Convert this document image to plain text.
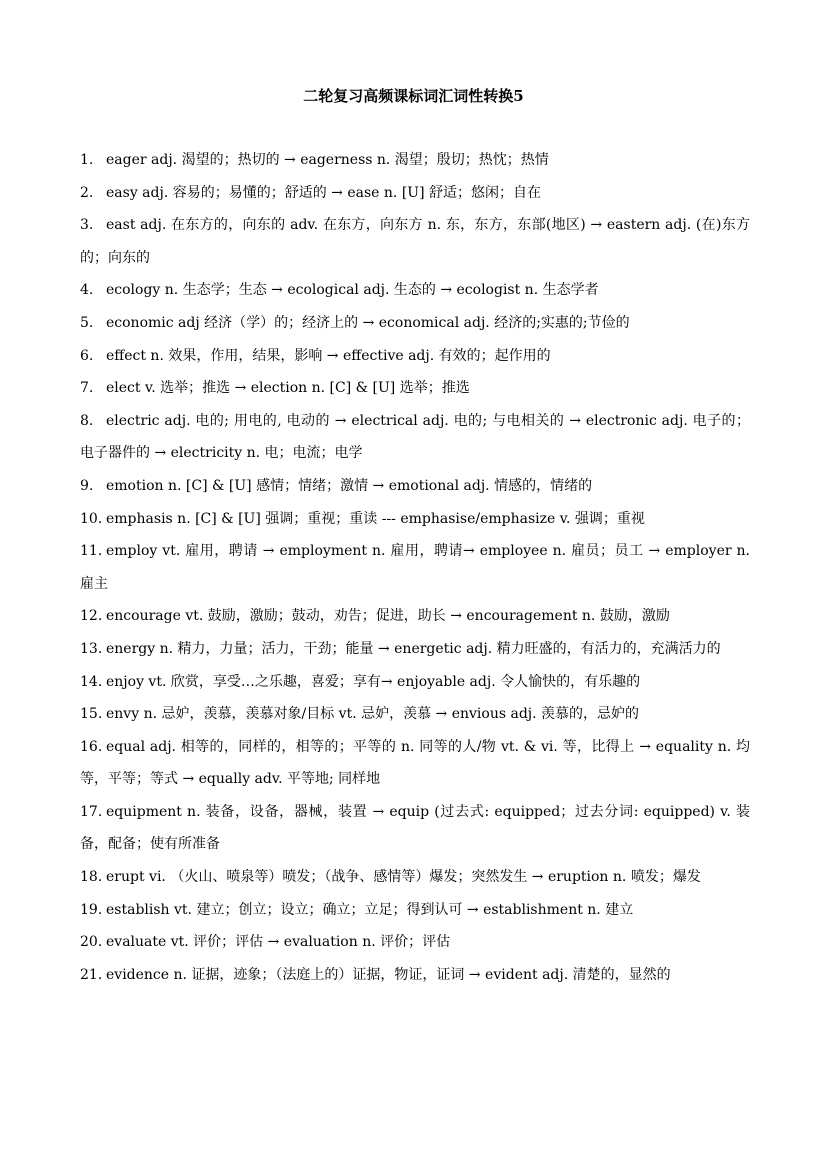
二轮复习高频课标词汇词性转换5
1. eager adj. 渴望的；热切的 → eagerness n. 渴望；殷切；热忱；热情
2. easy adj. 容易的；易懂的；舒适的 → ease n. [U] 舒适；悠闲；自在
3. east adj. 在东方的，向东的 adv. 在东方，向东方 n. 东，东方，东部(地区) → eastern adj. (在)东方的；向东的
4. ecology n. 生态学；生态 → ecological adj. 生态的 → ecologist n. 生态学者
5. economic adj 经济（学）的；经济上的 → economical adj. 经济的;实惠的;节俭的
6. effect n. 效果，作用，结果，影响 → effective adj. 有效的；起作用的
7. elect v. 选举；推选 → election n. [C] & [U] 选举；推选
8. electric adj. 电的; 用电的, 电动的 → electrical adj. 电的; 与电相关的 → electronic adj. 电子的；电子器件的 → electricity n. 电；电流；电学
9. emotion n. [C] & [U] 感情；情绪；激情 → emotional adj. 情感的，情绪的
10. emphasis n. [C] & [U] 强调；重视；重读 --- emphasise/emphasize v. 强调；重视
11. employ vt. 雇用，聘请 → employment n. 雇用，聘请→ employee n. 雇员；员工 → employer n. 雇主
12. encourage vt. 鼓励，激励；鼓动，劝告；促进，助长 → encouragement n. 鼓励，激励
13. energy n. 精力，力量；活力，干劲；能量 → energetic adj. 精力旺盛的，有活力的，充满活力的
14. enjoy vt. 欣赏，享受…之乐趣，喜爱；享有→ enjoyable adj. 令人愉快的，有乐趣的
15. envy n. 忌妒，羡慕，羡慕对象/目标 vt. 忌妒，羡慕 → envious adj. 羡慕的，忌妒的
16. equal adj. 相等的，同样的，相等的；平等的 n. 同等的人/物 vt. & vi. 等，比得上 → equality n. 均等，平等；等式 → equally adv. 平等地; 同样地
17. equipment n. 装备，设备，器械，装置 → equip (过去式: equipped；过去分词: equipped) v. 装备，配备；使有所准备
18. erupt vi. （火山、喷泉等）喷发；（战争、感情等）爆发；突然发生 → eruption n. 喷发；爆发
19. establish vt. 建立；创立；设立；确立；立足；得到认可 → establishment n. 建立
20. evaluate vt. 评价；评估 → evaluation n. 评价；评估
21. evidence n. 证据，迹象；（法庭上的）证据，物证，证词 → evident adj. 清楚的，显然的
